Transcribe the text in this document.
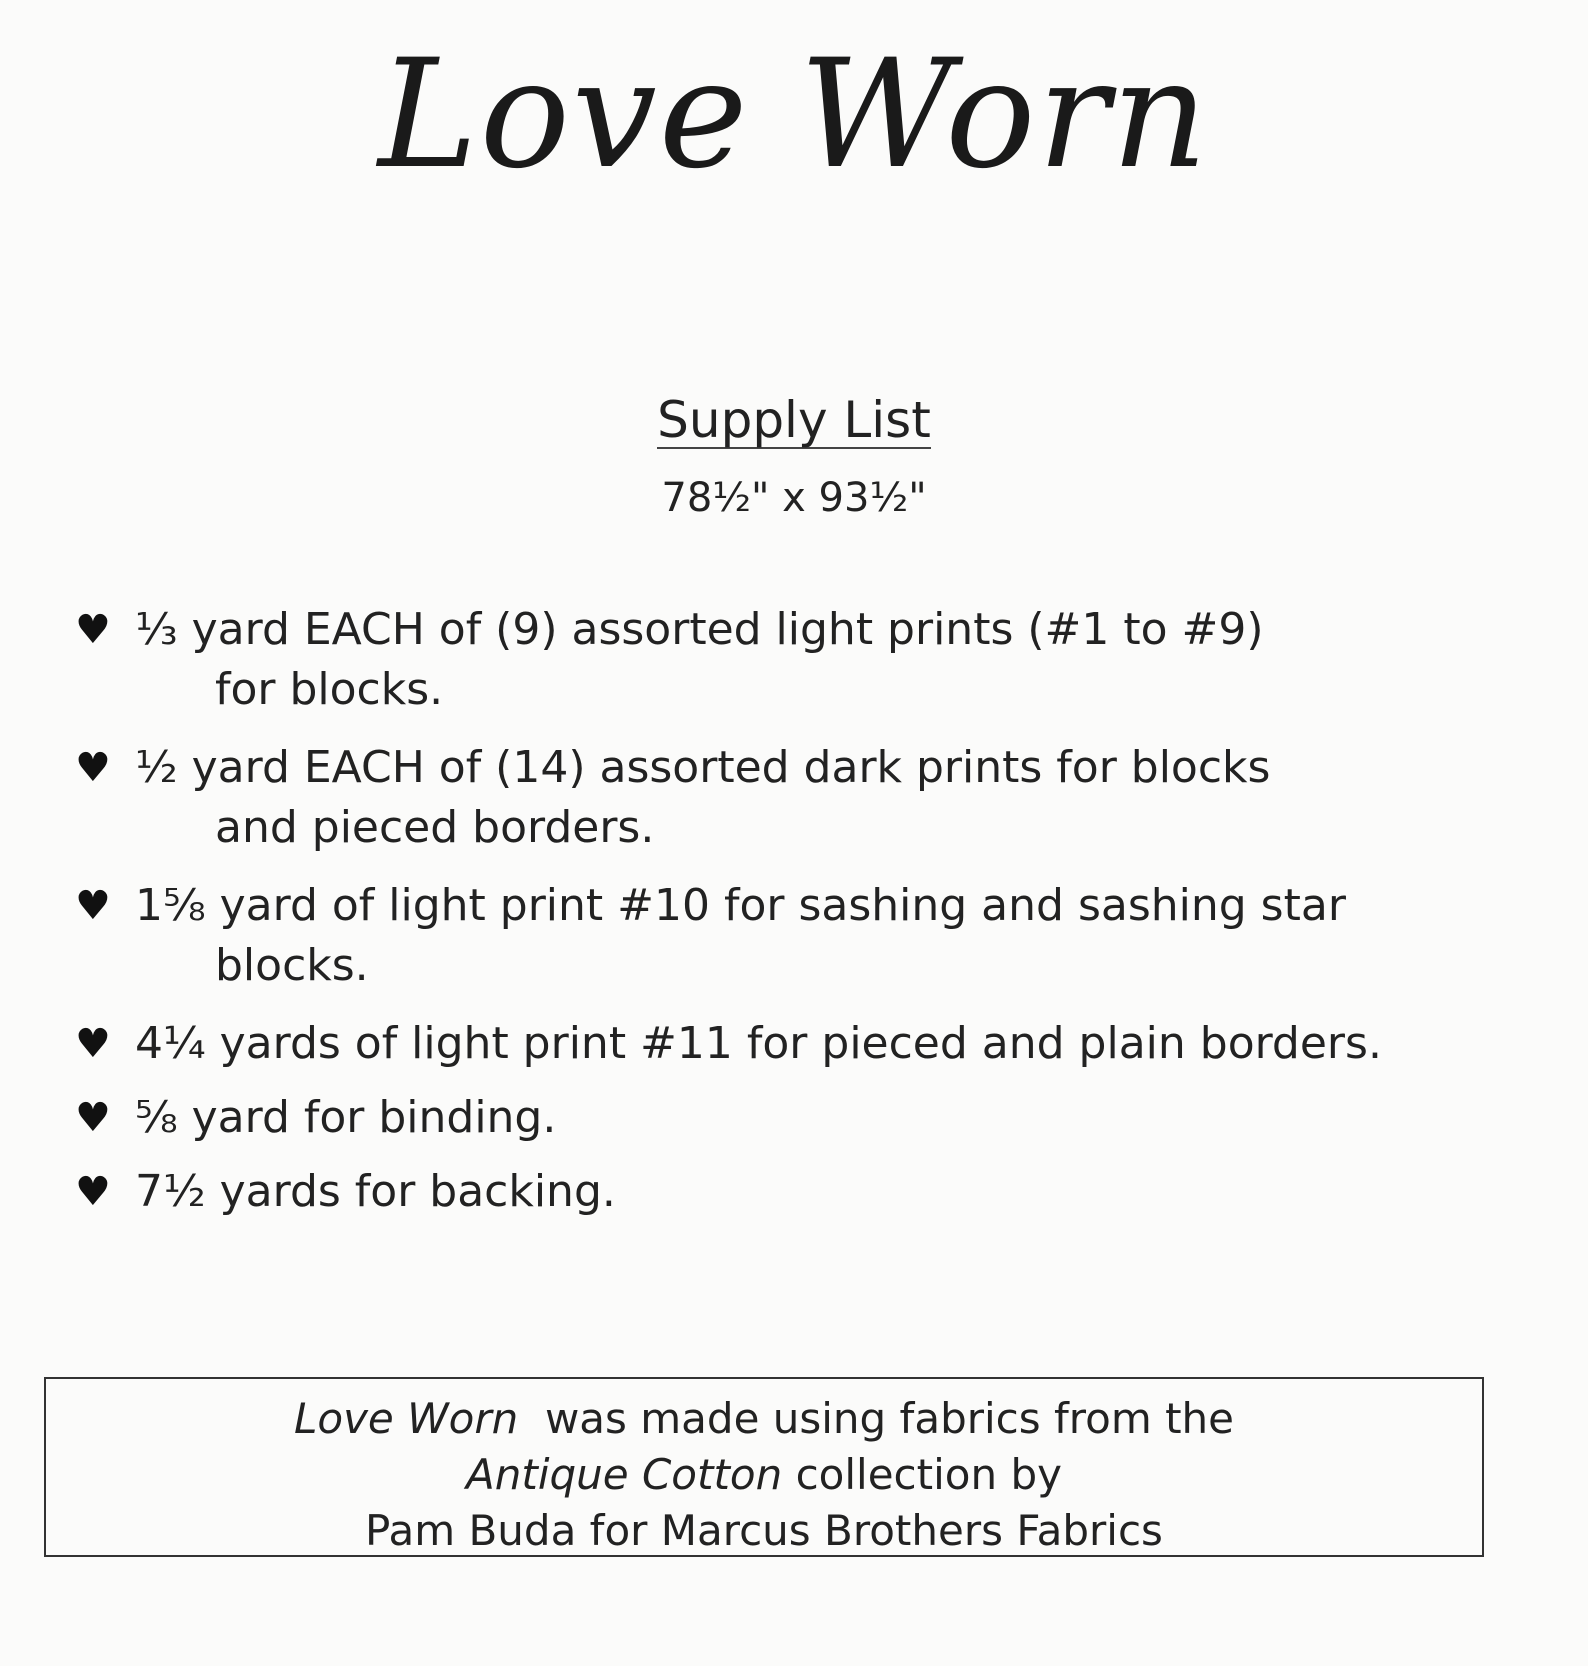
Love Worn
Supply List
78½" x 93½"
♥ ⅓ yard EACH of (9) assorted light prints (#1 to #9)
for blocks.
♥ ½ yard EACH of (14) assorted dark prints for blocks
and pieced borders.
♥ 1⅝ yard of light print #10 for sashing and sashing star
blocks.
♥ 4¼ yards of light print #11 for pieced and plain borders.
♥ ⅝ yard for binding.
♥ 7½ yards for backing.
Love Worn was made using fabrics from the
Antique Cotton collection by
Pam Buda for Marcus Brothers Fabrics
